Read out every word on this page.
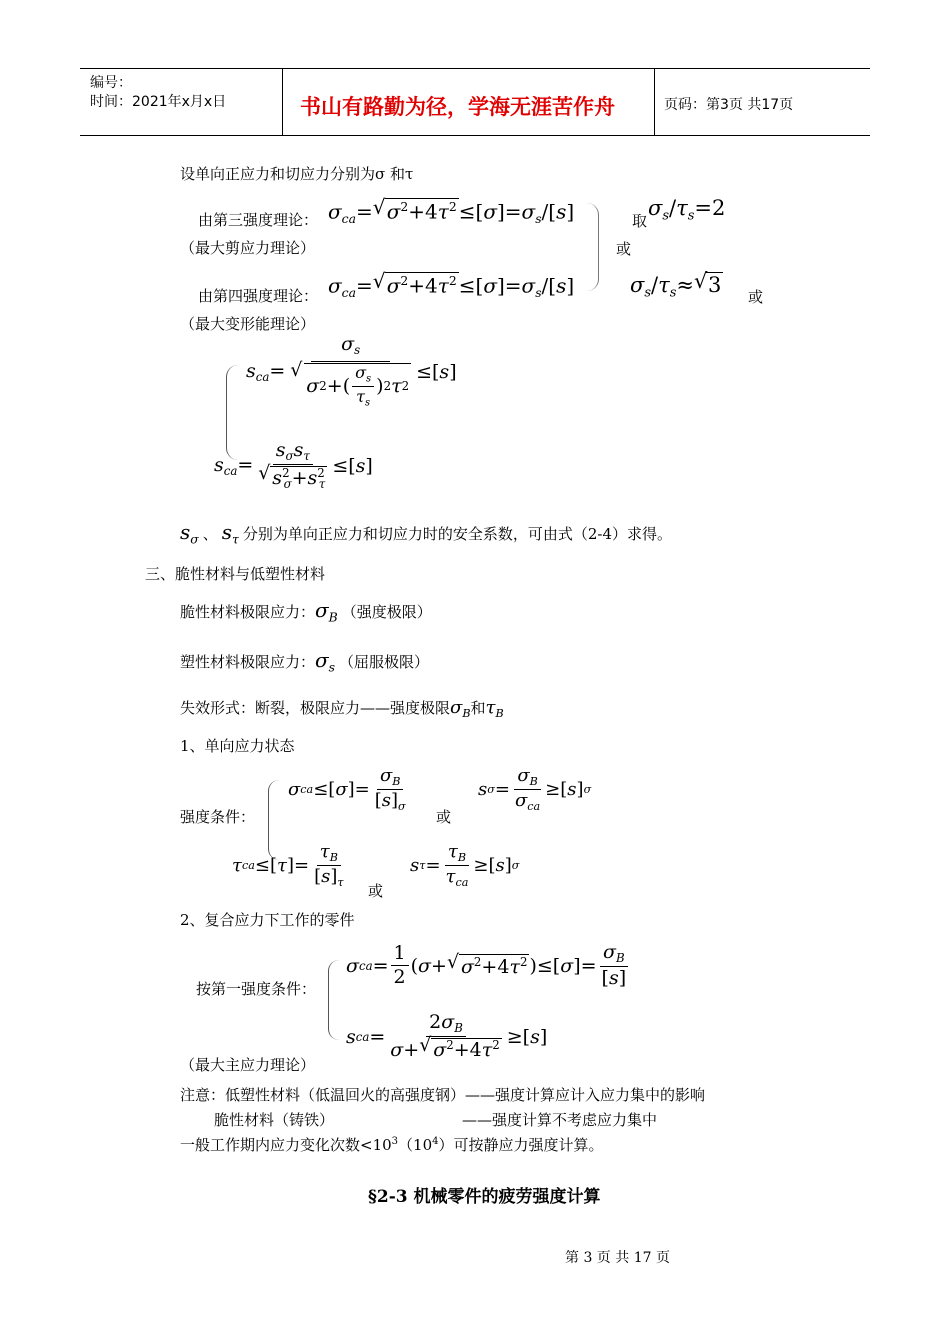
编号：
时间：2021年x月x日	书山有路勤为径，学海无涯苦作舟	页码：第3页 共17页
设单向正应力和切应力分别为σ 和τ
由第三强度理论： $\sigma_{ca}=√$ $\sigma^2+4\tau^2 \le[\sigma]=\sigma_s/[s]$
（最大剪应力理论）
取
$\sigma_s/\tau_s=2$
或
由第四强度理论： $\sigma_{ca}=√$ $\sigma^2+4\tau^2 \le[\sigma]=\sigma_s/[s]$	$\sigma_s/\tau_s\approx√$ 3 或
（最大变形能理论）
$s_{ca}= \sigma_s$
√ σ 2 +( $\frac{\sigma_s}{\tau_s}$ ) 2 τ 2 ≤[ s ]
$s_{ca}= s_\sigma s_\tau$
√ $s^2_\sigma+s^2_\tau$ ≤[ s ]
$s_\sigma$ 、 $s_\tau$ 分别为单向正应力和切应力时的安全系数，可由式（2-4）求得。
三、脆性材料与低塑性材料
脆性材料极限应力： $\sigma_B$ （强度极限）
塑性材料极限应力： $\sigma_s$ （屈服极限）
失效形式：断裂，极限应力——强度极限 $\sigma_B$ 和 $\tau_B$
1、单向应力状态
强度条件：
σ ca ≤[ σ ]= $\frac{\sigma_B}{[s]_\sigma}$
或
s $\sigma = \frac{\sigma_B}{\sigma_{ca}}$ ≥[ s ] σ
τ ca ≤[ τ ]= $\frac{\tau_B}{[s]_\tau}$
或
s $\tau = \frac{\tau_B}{\tau_{ca}}$ ≥[ s ] σ
2、复合应力下工作的零件
按第一强度条件：
σ ca = $\frac{1}{2}$ ( σ +
√ $\sigma^2+4\tau^2$ )≤[ σ ]= $\frac{\sigma_B}{[s]}$
s ca = $\frac{2\sigma_B}{\sigma+√ \sigma^2+4\tau^2}$ ≥[ s ]
（最大主应力理论）
注意：低塑性材料（低温回火的高强度钢）——强度计算应计入应力集中的影响
脆性材料（铸铁）	——强度计算不考虑应力集中
一般工作期内应力变化次数$<10^3(10^4)$可按静应力强度计算。
§2-3 机械零件的疲劳强度计算
第 3 页 共 17 页
